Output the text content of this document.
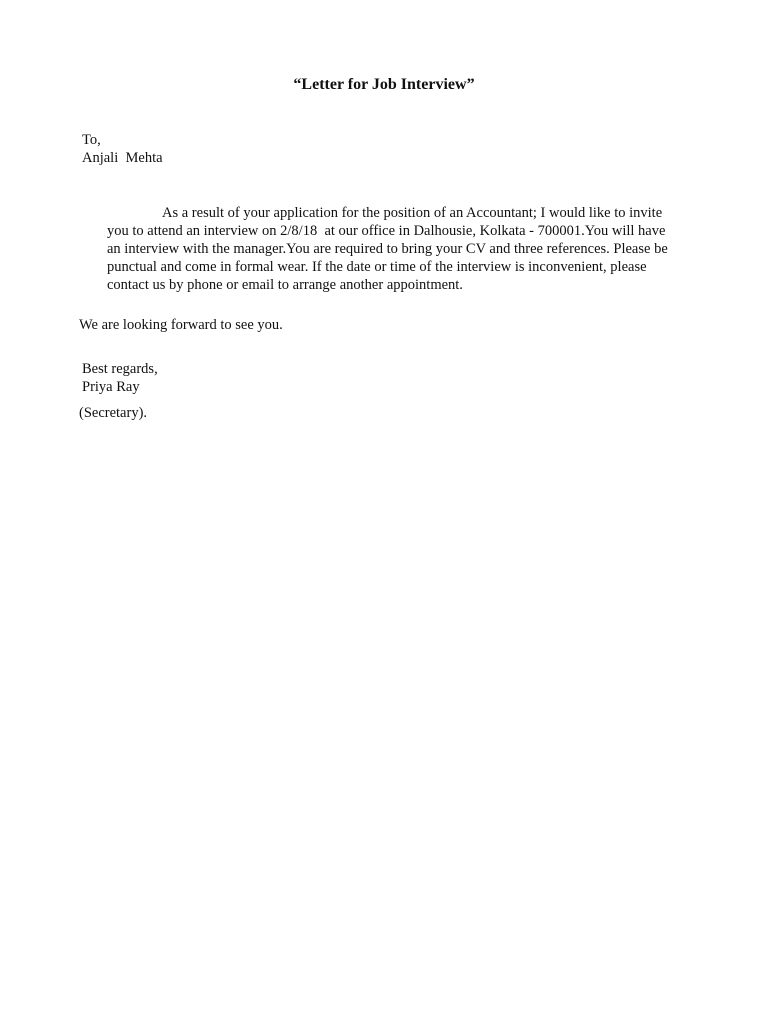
“Letter for Job Interview”
To,
Anjali  Mehta
As a result of your application for the position of an Accountant; I would like to invite
you to attend an interview on 2/8/18  at our office in Dalhousie, Kolkata - 700001.You will have
an interview with the manager.You are required to bring your CV and three references. Please be
punctual and come in formal wear. If the date or time of the interview is inconvenient, please
contact us by phone or email to arrange another appointment.
We are looking forward to see you.
Best regards,
Priya Ray
(Secretary).
